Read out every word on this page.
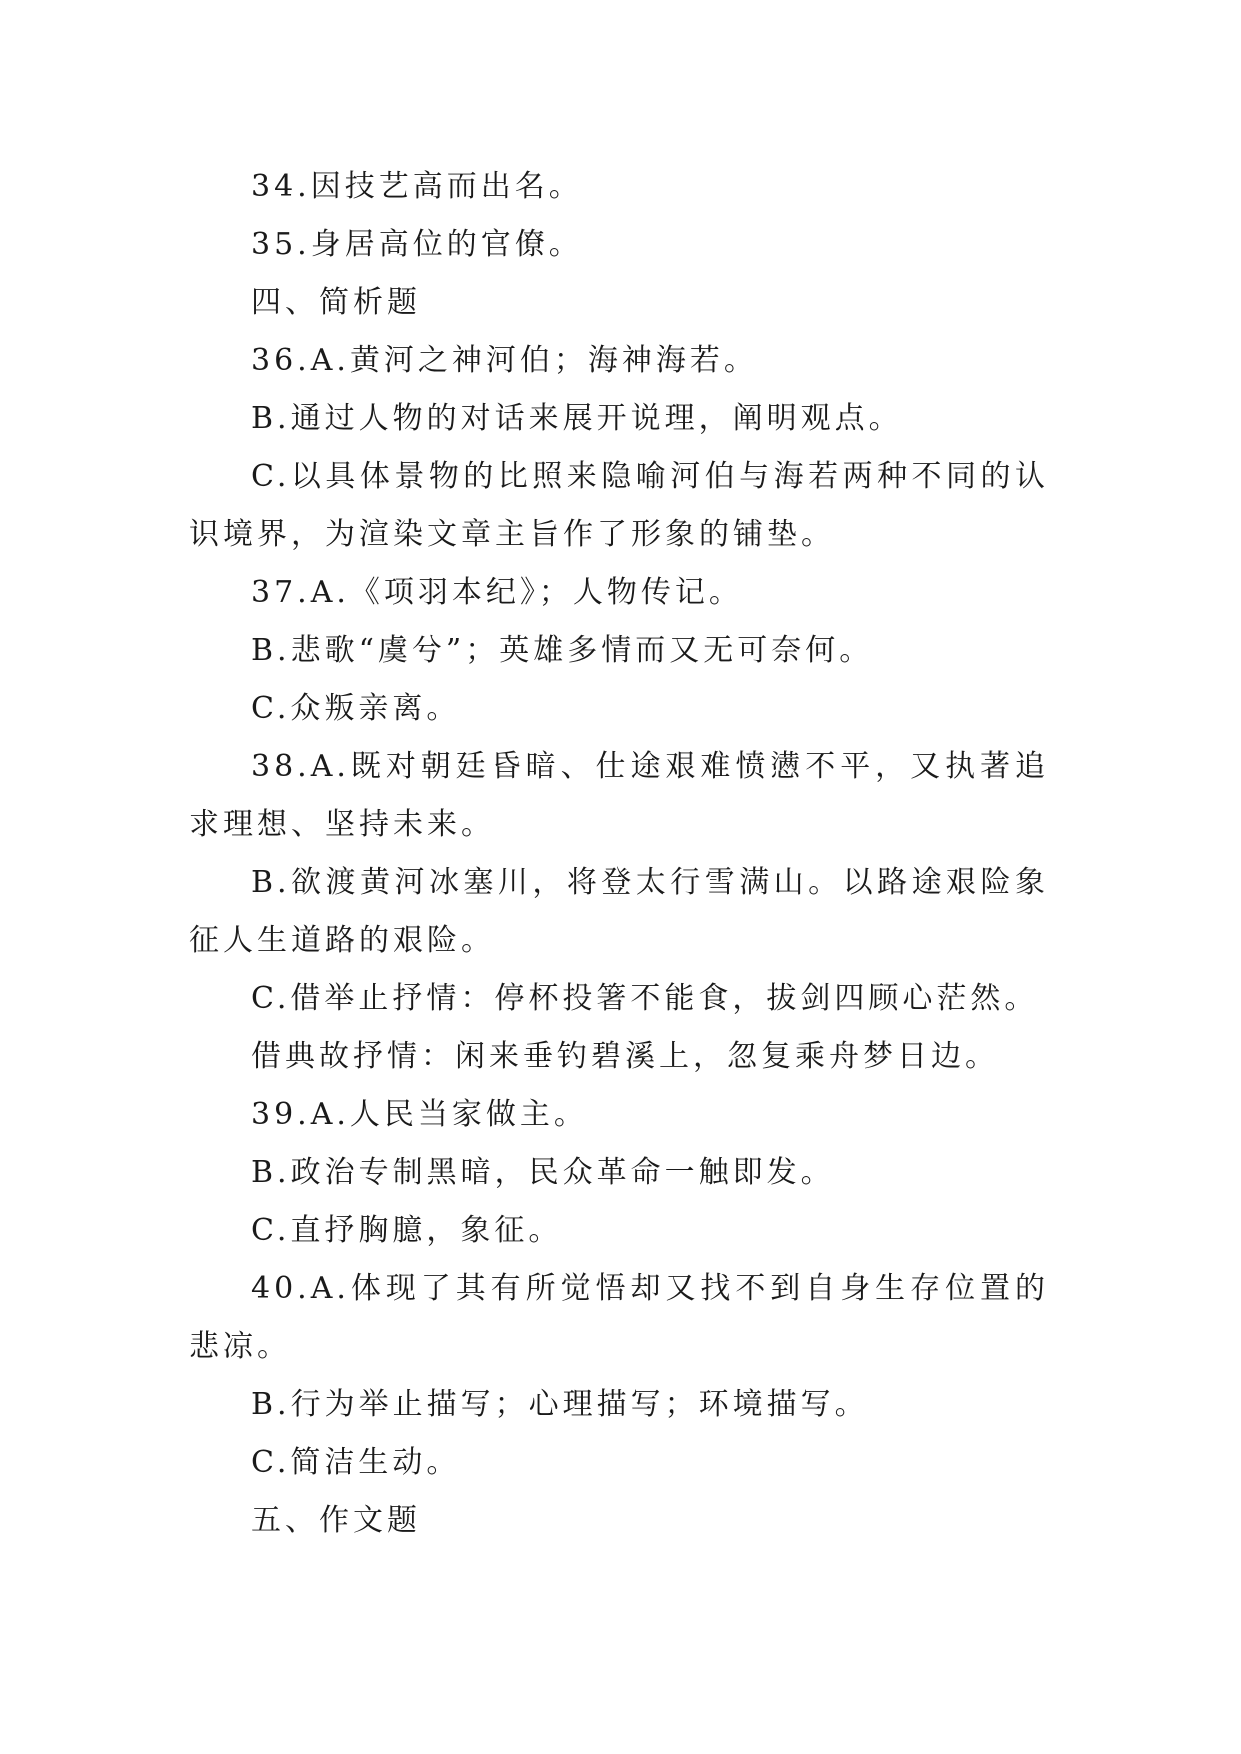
34.因技艺高而出名。

35.身居高位的官僚。

四、简析题

36.A.黄河之神河伯；海神海若。

B.通过人物的对话来展开说理，阐明观点。

C.以具体景物的比照来隐喻河伯与海若两种不同的认识境界，为渲染文章主旨作了形象的铺垫。

37.A.《项羽本纪》；人物传记。

B.悲歌“虞兮”；英雄多情而又无可奈何。

C.众叛亲离。

38.A.既对朝廷昏暗、仕途艰难愤懑不平，又执著追求理想、坚持未来。

B.欲渡黄河冰塞川，将登太行雪满山。以路途艰险象征人生道路的艰险。

C.借举止抒情：停杯投箸不能食，拔剑四顾心茫然。

借典故抒情：闲来垂钓碧溪上，忽复乘舟梦日边。

39.A.人民当家做主。

B.政治专制黑暗，民众革命一触即发。

C.直抒胸臆，象征。

40.A.体现了其有所觉悟却又找不到自身生存位置的悲凉。

B.行为举止描写；心理描写；环境描写。

C.简洁生动。

五、作文题
